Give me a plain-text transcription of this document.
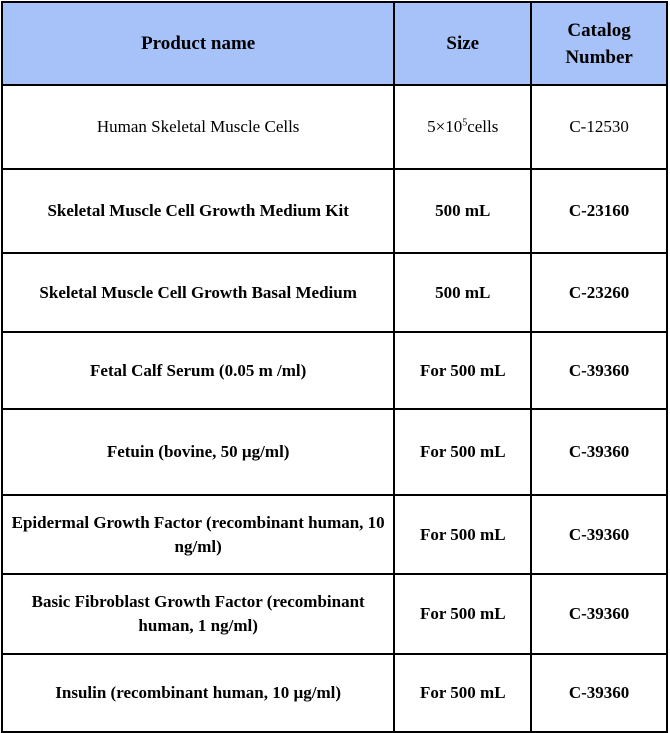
Product name	Size	Catalog Number
Human Skeletal Muscle Cells	$5\times 10^5cells$	C-12530
Skeletal Muscle Cell Growth Medium Kit	500 mL	C-23160
Skeletal Muscle Cell Growth Basal Medium	500 mL	C-23260
Fetal Calf Serum (0.05 m /ml)	For 500 mL	C-39360
Fetuin (bovine, 50 µg/ml)	For 500 mL	C-39360
Epidermal Growth Factor (recombinant human, 10 ng/ml)	For 500 mL	C-39360
Basic Fibroblast Growth Factor (recombinant human, 1 ng/ml)	For 500 mL	C-39360
Insulin (recombinant human, 10 µg/ml)	For 500 mL	C-39360
